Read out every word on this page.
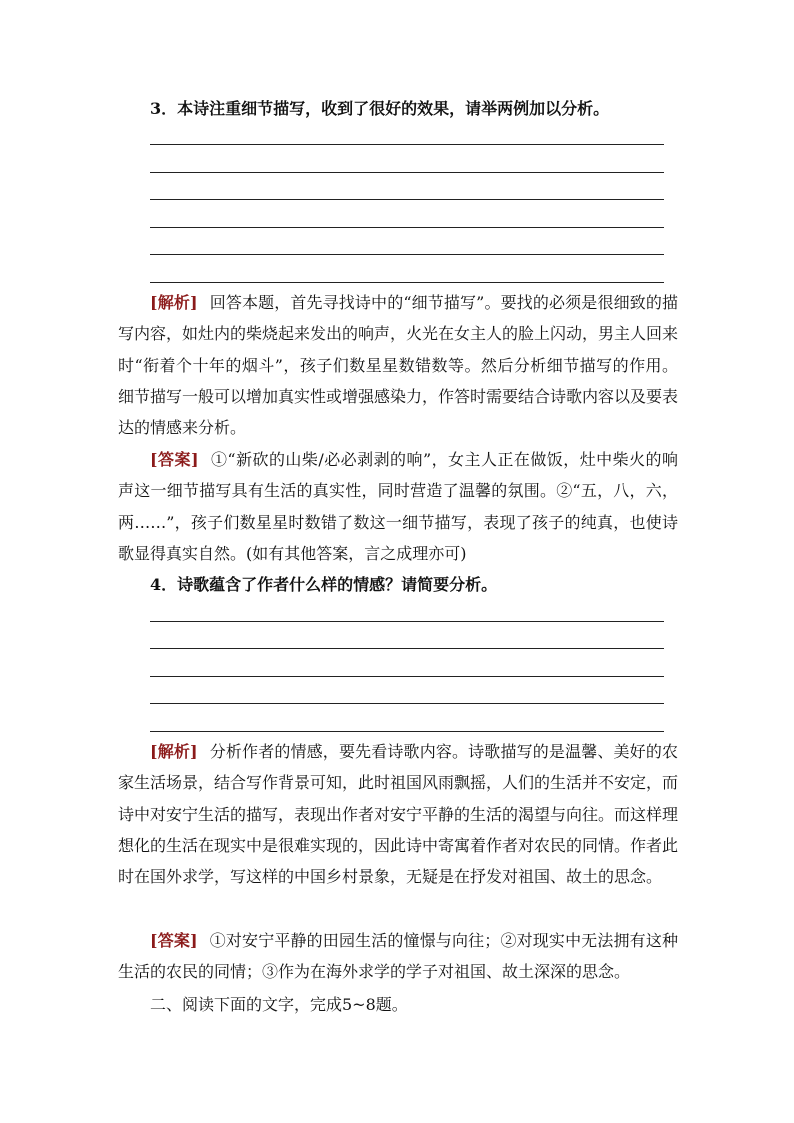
3．本诗注重细节描写，收到了很好的效果，请举两例加以分析。
[解析] 回答本题，首先寻找诗中的“细节描写”。要找的必须是很细致的描写内容，如灶内的柴烧起来发出的响声，火光在女主人的脸上闪动，男主人回来时“衔着个十年的烟斗”，孩子们数星星数错数等。然后分析细节描写的作用。细节描写一般可以增加真实性或增强感染力，作答时需要结合诗歌内容以及要表达的情感来分析。
[答案] ①“新砍的山柴/必必剥剥的响”，女主人正在做饭，灶中柴火的响声这一细节描写具有生活的真实性，同时营造了温馨的氛围。②“五，八，六，两……”，孩子们数星星时数错了数这一细节描写，表现了孩子的纯真，也使诗歌显得真实自然。(如有其他答案，言之成理亦可)
4．诗歌蕴含了作者什么样的情感？请简要分析。
[解析] 分析作者的情感，要先看诗歌内容。诗歌描写的是温馨、美好的农家生活场景，结合写作背景可知，此时祖国风雨飘摇，人们的生活并不安定，而诗中对安宁生活的描写，表现出作者对安宁平静的生活的渴望与向往。而这样理想化的生活在现实中是很难实现的，因此诗中寄寓着作者对农民的同情。作者此时在国外求学，写这样的中国乡村景象，无疑是在抒发对祖国、故土的思念。
[答案] ①对安宁平静的田园生活的憧憬与向往；②对现实中无法拥有这种生活的农民的同情；③作为在海外求学的学子对祖国、故土深深的思念。
二、阅读下面的文字，完成5~8题。
